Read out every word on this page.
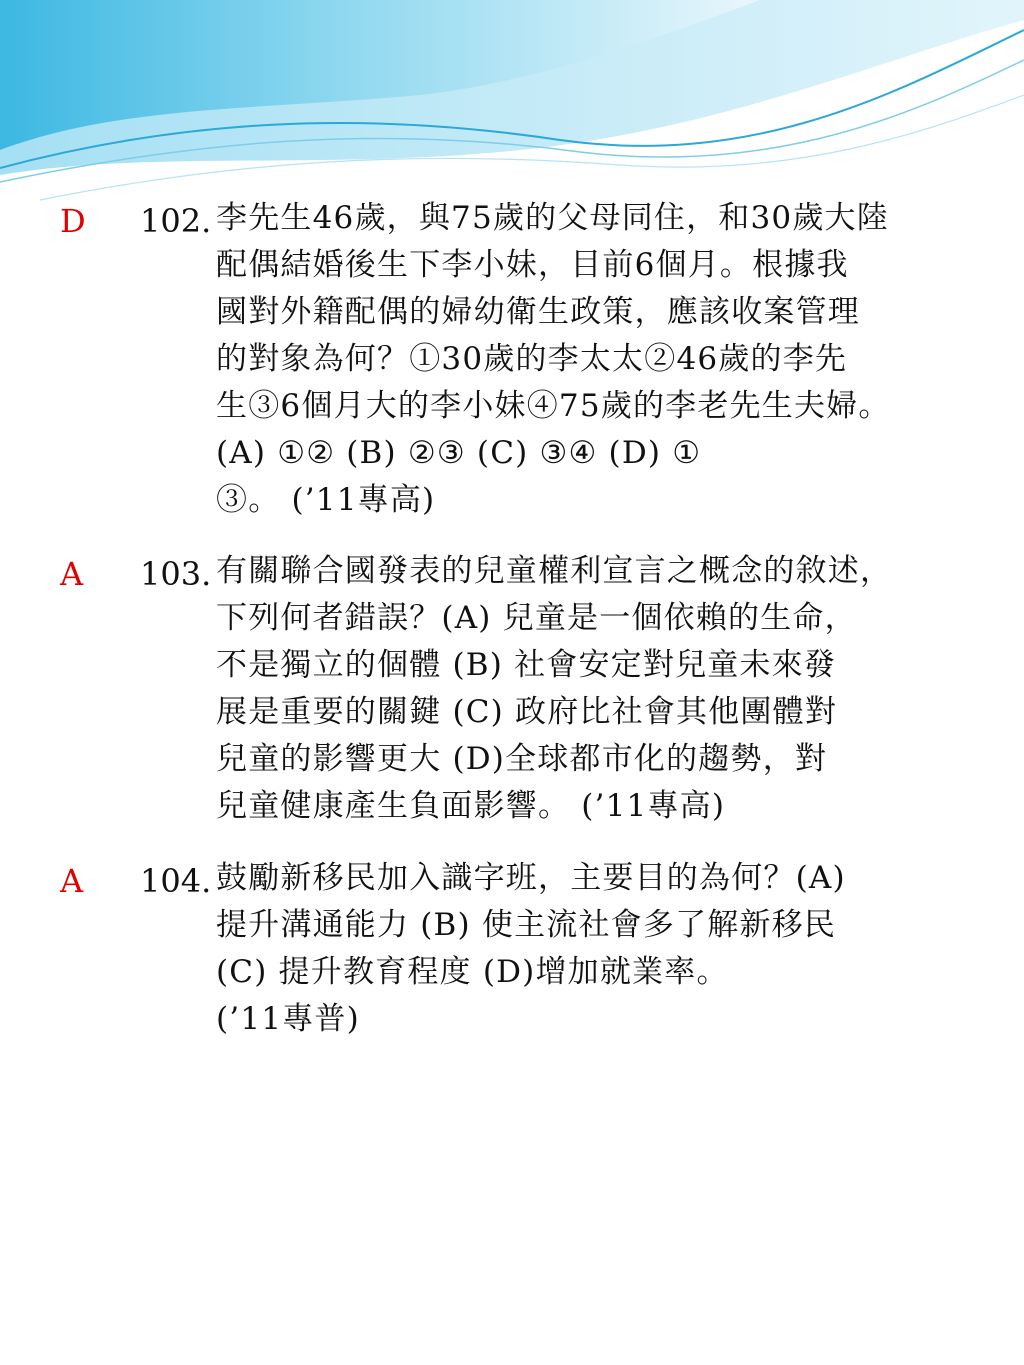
D 102. 李先生46歲，與75歲的父母同住，和30歲大陸
配偶結婚後生下李小妹，目前6個月。根據我
國對外籍配偶的婦幼衛生政策，應該收案管理
的對象為何？①30歲的李太太②46歲的李先
生③6個月大的李小妹④75歲的李老先生夫婦。
(A) ①② (B) ②③ (C) ③④ (D) ①
③。 (’11專高)
A 103. 有關聯合國發表的兒童權利宣言之概念的敘述，
下列何者錯誤？(A) 兒童是一個依賴的生命，
不是獨立的個體 (B) 社會安定對兒童未來發
展是重要的關鍵 (C) 政府比社會其他團體對
兒童的影響更大 (D)全球都市化的趨勢，對
兒童健康產生負面影響。 (’11專高)
A 104. 鼓勵新移民加入識字班，主要目的為何？(A)
提升溝通能力 (B) 使主流社會多了解新移民
(C) 提升教育程度 (D)增加就業率。
(’11專普)
